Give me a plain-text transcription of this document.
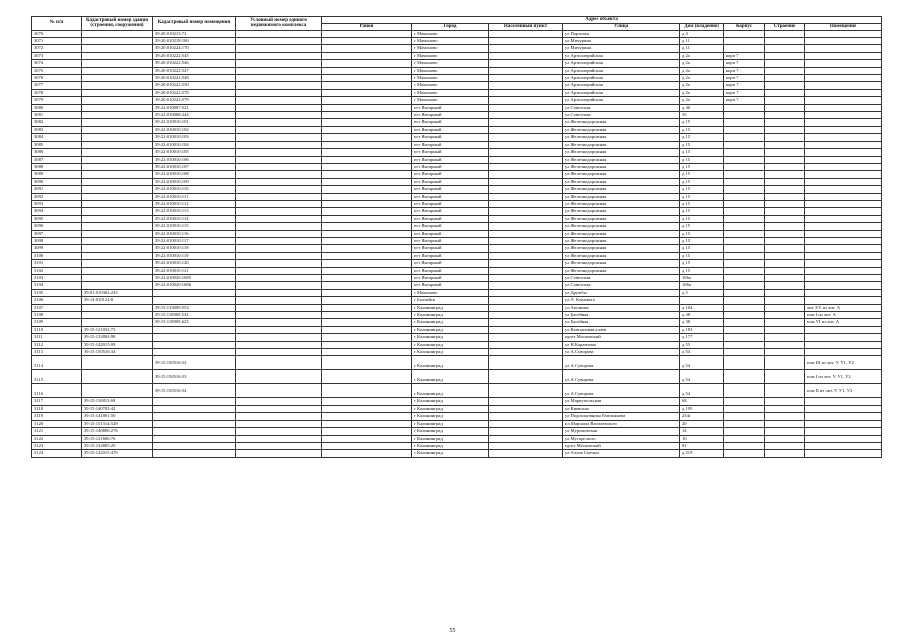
№ п/п	Кадастровый номер здания (строения, сооружения)	Кадастровый номер помещения	Условный номер единого недвижимого комплекса	Адрес объекта							
				Район	Город	Населенный пункт	Улица	Дом (владение)	Корпус	Строение	Помещение
3070		39:20:010213:73			г Мамоново		ул Партизан	д 4			
3071		39:20:010218:169			г Мамоново		ул Мичурина	д 11			
3072		39:20:010224:170			г Мамоново		ул Мичурина	д 11			
3073		39:20:010222:545			г Мамоново		ул Артиллерийская	д 2а	корп 7		
3074		39:20:010222:546			г Мамоново		ул Артиллерийская	д 2а	корп 7		
3075		39:20:010222:547			г Мамоново		ул Артиллерийская	д 2а	корп 7		
3076		39:20:010222:548			г Мамоново		ул Артиллерийская	д 2а	корп 7		
3077		39:20:010222:550			г Мамоново		ул Артиллерийская	д 2а	корп 7		
3078		39:20:010222:578			г Мамоново		ул Артиллерийская	д 2а	корп 7		
3079		39:20:010222:579			г Мамоново		ул Артиллерийская	д 2а	корп 7		
3080		39:22:010007:521			пгт Янтарный		ул Советская	д 40			
3081		39:22:010008:244			пгт Янтарный		ул Советская	35			
3082		39:22:010010:101			пгт Янтарный		ул Железнодорожная	д 15			
3083		39:22:010010:102			пгт Янтарный		ул Железнодорожная	д 15			
3084		39:22:010010:103			пгт Янтарный		ул Железнодорожная	д 15			
3085		39:22:010010:104			пгт Янтарный		ул Железнодорожная	д 15			
3086		39:22:010010:105			пгт Янтарный		ул Железнодорожная	д 15			
3087		39:22:010010:106			пгт Янтарный		ул Железнодорожная	д 15			
3088		39:22:010010:107			пгт Янтарный		ул Железнодорожная	д 15			
3089		39:22:010010:108			пгт Янтарный		ул Железнодорожная	д 15			
3090		39:22:010010:109			пгт Янтарный		ул Железнодорожная	д 15			
3091		39:22:010010:110			пгт Янтарный		ул Железнодорожная	д 15			
3092		39:22:010010:111			пгт Янтарный		ул Железнодорожная	д 15			
3093		39:22:010010:112			пгт Янтарный		ул Железнодорожная	д 15			
3094		39:22:010010:113			пгт Янтарный		ул Железнодорожная	д 15			
3095		39:22:010010:114			пгт Янтарный		ул Железнодорожная	д 15			
3096		39:22:010010:115			пгт Янтарный		ул Железнодорожная	д 15			
3097		39:22:010010:116			пгт Янтарный		ул Железнодорожная	д 15			
3098		39:22:010010:117			пгт Янтарный		ул Железнодорожная	д 15			
3099		39:22:010010:118			пгт Янтарный		ул Железнодорожная	д 15			
3100		39:22:010010:119			пгт Янтарный		ул Железнодорожная	д 15			
3101		39:22:010010:120			пгт Янтарный		ул Железнодорожная	д 15			
3102		39:22:010010:121			пгт Янтарный		ул Железнодорожная	д 15			
3103		39:22:010020:1685			пгт Янтарный		ул Советская	106а			
3104		39:22:010020:1686			пгт Янтарный		ул Советская	106а			
3105	39:01:010302:243				г Мамоново		ул Дружбы	д 5			
3106	39:14:010124:8				г Балтийск		ул Л. Кошевого				
3107		39:15:133009:553			г Калининград		ул Аксакова	д 104			лит XV из лит. А
3108		39:15:110905:532			г Калининград		ул Басейная	д 38			пом I из лит. А
3109		39:15:110905:623			г Калининград		ул Басейная	д 38			пом VI из лит. А
3110	39:15:121032:73				г Калининград		ул Каштановая аллея	д 183			
3111	39:15:132804:98				г Калининград		пр-кт Московский	д 177			
3112	39:15:142015:99				г Калининград		ул Н.Карамзина	д 55			
3113	39:15:150516:34				г Калининград		ул А.Суворова	д 54			
3114		39:15:150516:52			г Калининград		ул А.Суворова	д 54			пом III из лит. У, У1, У2
3115		39:15:150516:53			г Калининград		ул А.Суворова	д 54			пом I из лит. У, У1, У2
3116		39:15:150516:54			г Калининград		ул А.Суворова	д 54			пом II из лит. У, У1, У2
3117	39:15:110813:69				г Калининград		ул Мариупольская	6Б			
3118	39:15:140702:42				г Калининград		ул Киевская	д 195			
3119	39:15:141801:50				г Калининград		ул Подполковника Емельянова	234г			
3120	39:15:151314:528				г Калининград		пл Маршала Василевского	20			
3121	39:15:140806:276				г Калининград		ул Муромовская	14			
3122	39:15:121606:76				г Калининград		ул Мусоргского	10			
3123	39:15:132805:20				г Калининград		пр-кт Московский	81			
3124	39:15:142015:476				г Калининград		ул Аллея Смелых	д 219			
55
